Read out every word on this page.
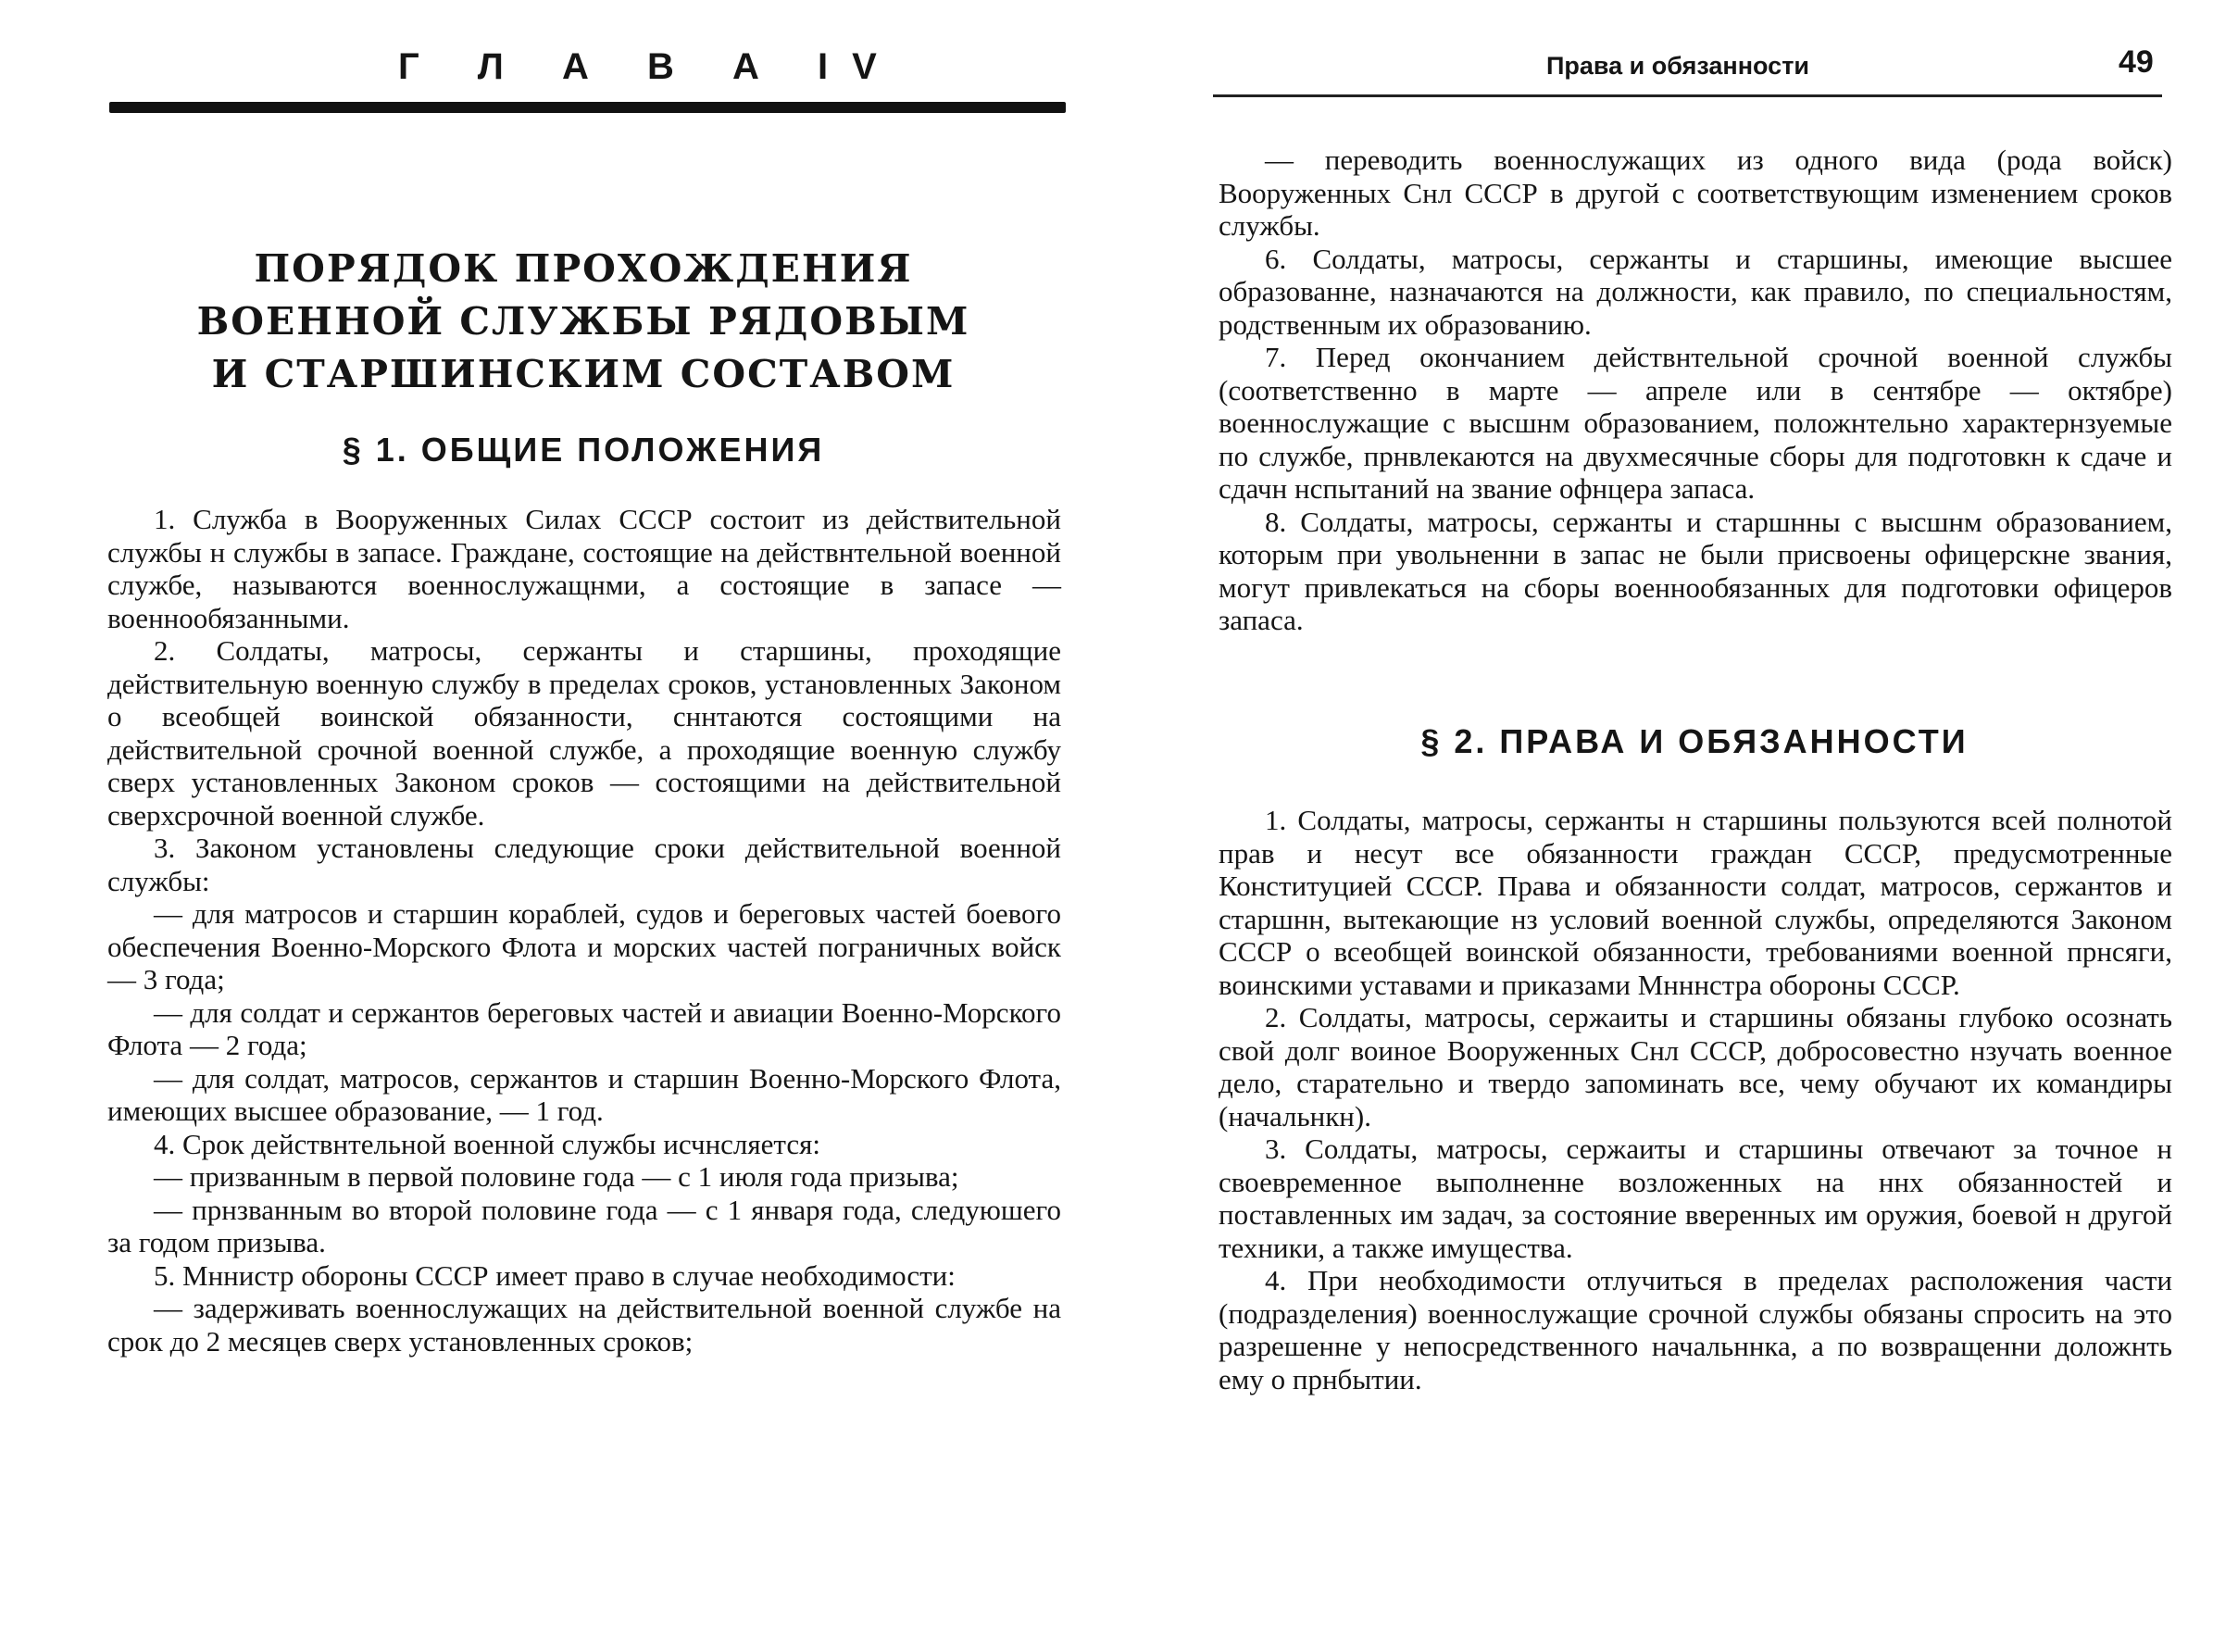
Г Л А В А IV
ПОРЯДОК ПРОХОЖДЕНИЯ
ВОЕННОЙ СЛУЖБЫ РЯДОВЫМ
И СТАРШИНСКИМ СОСТАВОМ
§ 1. ОБЩИЕ ПОЛОЖЕНИЯ

1. Служба в Вооруженных Силах СССР состоит из действительной службы н службы в запасе. Граждане, состоящие на действнтельной военной службе, называются военнослужащнми, а состоящие в запасе — военнообязанными.

2. Солдаты, матросы, сержанты и старшины, проходящие действительную военную службу в пределах сроков, установленных Законом о всеобщей воинской обязанности, сннтаются состоящими на действительной срочной военной службе, а проходящие военную службу сверх установленных Законом сроков — состоящими на действительной сверхсрочной военной службе.

3. Законом установлены следующие сроки действительной военной службы:

— для матросов и старшин кораблей, судов и береговых частей боевого обеспечения Военно-Морского Флота и морских частей пограничных войск — 3 года;

— для солдат и сержантов береговых частей и авиации Военно-Морского Флота — 2 года;

— для солдат, матросов, сержантов и старшин Военно-Морского Флота, имеющих высшее образование, — 1 год.

4. Срок действнтельной военной службы исчнсляется:

— призванным в первой половине года — с 1 июля года призыва;

— прнзванным во второй половине года — с 1 января года, следуюшего за годом призыва.

5. Мннистр обороны СССР имеет право в случае необходимости:

— задерживать военнослужащих на действительной военной службе на срок до 2 месяцев сверх установленных сроков;

Права и обязанности	49

— переводить военнослужащих из одного вида (рода войск) Вооруженных Снл СССР в другой с соответствующим изменением сроков службы.

6. Солдаты, матросы, сержанты и старшины, имеющие высшее образованне, назначаются на должности, как правило, по специальностям, родственным их образованию.

7. Перед окончанием действнтельной срочной военной службы (соответственно в марте — апреле или в сентябре — октябре) военнослужащие с высшнм образованием, положнтельно характернзуемые по службе, прнвлекаются на двухмесячные сборы для подготовкн к сдаче и сдачн нспытаний на звание офнцера запаса.

8. Солдаты, матросы, сержанты и старшнны с высшнм образованием, которым при увольненни в запас не были присвоены офицерскне звания, могут привлекаться на сборы военнообязанных для подготовки офицеров запаса.

§ 2. ПРАВА И ОБЯЗАННОСТИ

1. Солдаты, матросы, сержанты н старшины пользуются всей полнотой прав и несут все обязанности граждан СССР, предусмотренные Конституцией СССР. Права и обязанности солдат, матросов, сержантов и старшнн, вытекающие нз условий военной службы, определяются Законом СССР о всеобщей воинской обязанности, требованиями военной прнсяги, воинскими уставами и приказами Мнннстра обороны СССР.

2. Солдаты, матросы, сержаиты и старшины обязаны глубоко осознать свой долг воиное Вооруженных Снл СССР, добросовестно нзучать военное дело, старательно и твердо запоминать все, чему обучают их командиры (начальнкн).

3. Солдаты, матросы, сержаиты и старшины отвечают за точное н своевременное выполненне возложенных на ннх обязанностей и поставленных им задач, за состояние вверенных им оружия, боевой н другой техники, а также имущества.

4. При необходимости отлучиться в пределах расположения части (подразделения) военнослужащие срочной службы обязаны спросить на это разрешенне у непосредственного начальннка, а по возвращенни доложнть ему о прнбытии.
